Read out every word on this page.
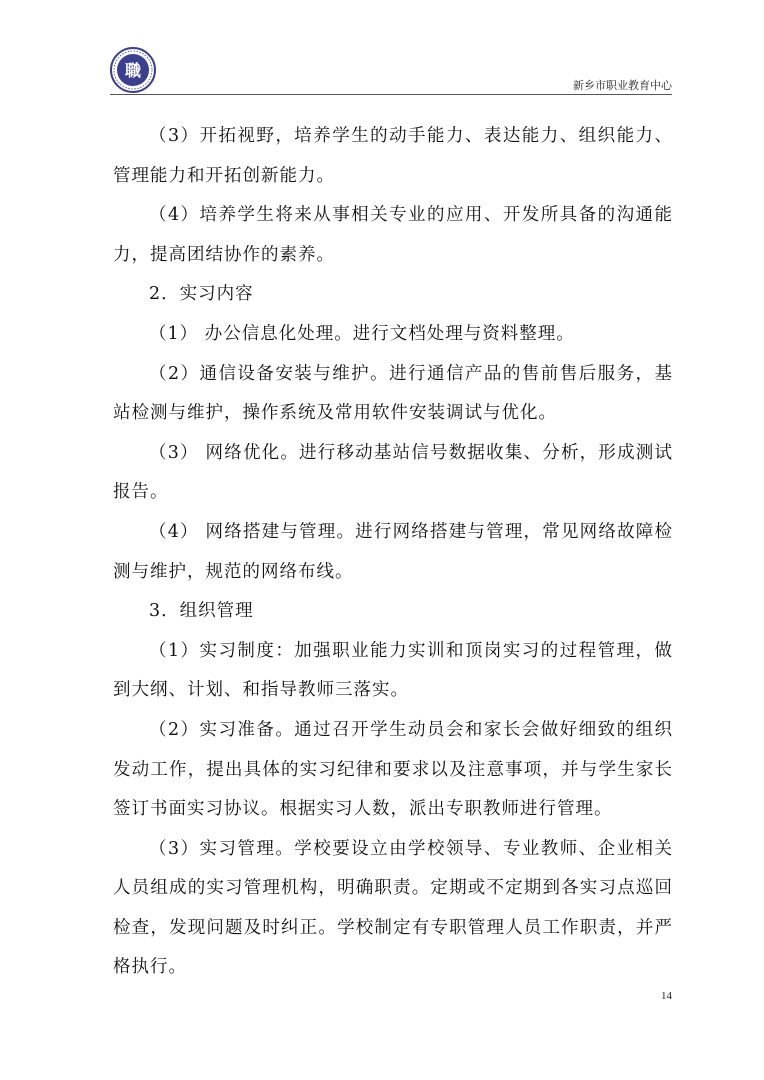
職
新乡市职业教育中心

（3）开拓视野，培养学生的动手能力、表达能力、组织能力、管理能力和开拓创新能力。

（4）培养学生将来从事相关专业的应用、开发所具备的沟通能力，提高团结协作的素养。

2．实习内容

（1） 办公信息化处理。进行文档处理与资料整理。

（2）通信设备安装与维护。进行通信产品的售前售后服务，基站检测与维护，操作系统及常用软件安装调试与优化。

（3） 网络优化。进行移动基站信号数据收集、分析，形成测试报告。

（4） 网络搭建与管理。进行网络搭建与管理，常见网络故障检测与维护，规范的网络布线。

3．组织管理

（1）实习制度：加强职业能力实训和顶岗实习的过程管理，做到大纲、计划、和指导教师三落实。

（2）实习准备。通过召开学生动员会和家长会做好细致的组织发动工作，提出具体的实习纪律和要求以及注意事项，并与学生家长签订书面实习协议。根据实习人数，派出专职教师进行管理。

（3）实习管理。学校要设立由学校领导、专业教师、企业相关人员组成的实习管理机构，明确职责。定期或不定期到各实习点巡回检查，发现问题及时纠正。学校制定有专职管理人员工作职责，并严格执行。

14
